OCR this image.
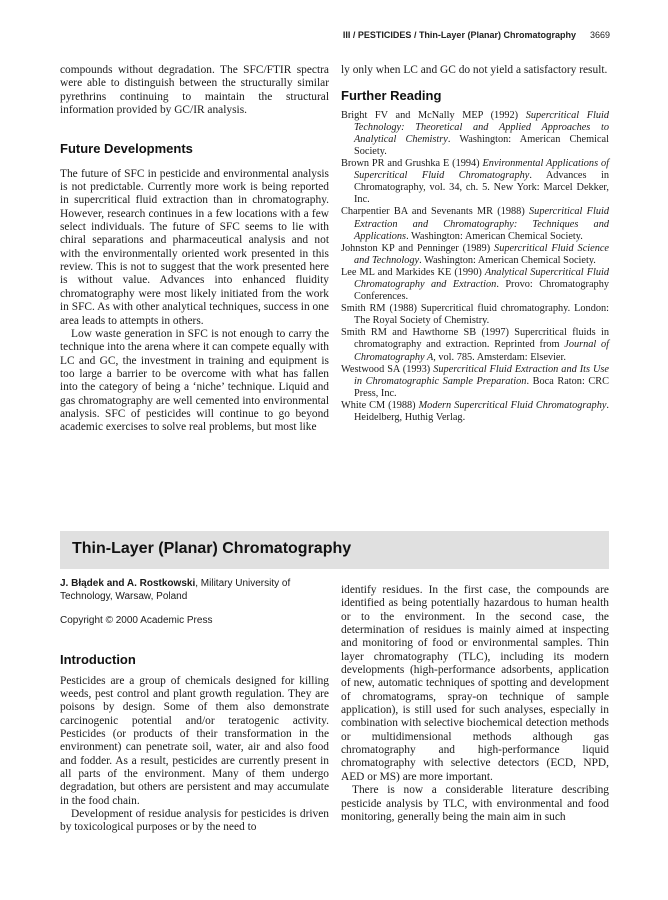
III / PESTICIDES / Thin-Layer (Planar) Chromatography 3669

compounds without degradation. The SFC/FTIR spectra were able to distinguish between the structurally similar pyrethrins continuing to maintain the structural information provided by GC/IR analysis.

Future Developments

The future of SFC in pesticide and environmental analysis is not predictable. Currently more work is being reported in supercritical fluid extraction than in chromatography. However, research continues in a few locations with a few select individuals. The future of SFC seems to lie with chiral separations and pharmaceutical analysis and not with the environmentally oriented work presented in this review. This is not to suggest that the work presented here is without value. Advances into enhanced fluidity chromatography were most likely initiated from the work in SFC. As with other analytical techniques, success in one area leads to attempts in others.

Low waste generation in SFC is not enough to carry the technique into the arena where it can compete equally with LC and GC, the investment in training and equipment is too large a barrier to be overcome with what has fallen into the category of being a ‘niche’ technique. Liquid and gas chromatography are well cemented into environmental analysis. SFC of pesticides will continue to go beyond academic exercises to solve real problems, but most like

ly only when LC and GC do not yield a satisfactory result.

Further Reading

Bright FV and McNally MEP (1992) Supercritical Fluid Technology: Theoretical and Applied Approaches to Analytical Chemistry. Washington: American Chemical Society.

Brown PR and Grushka E (1994) Environmental Applications of Supercritical Fluid Chromatography. Advances in Chromatography, vol. 34, ch. 5. New York: Marcel Dekker, Inc.

Charpentier BA and Sevenants MR (1988) Supercritical Fluid Extraction and Chromatography: Techniques and Applications. Washington: American Chemical Society.

Johnston KP and Penninger (1989) Supercritical Fluid Science and Technology. Washington: American Chemical Society.

Lee ML and Markides KE (1990) Analytical Supercritical Fluid Chromatography and Extraction. Provo: Chromatography Conferences.

Smith RM (1988) Supercritical fluid chromatography. London: The Royal Society of Chemistry.

Smith RM and Hawthorne SB (1997) Supercritical fluids in chromatography and extraction. Reprinted from Journal of Chromatography A, vol. 785. Amsterdam: Elsevier.

Westwood SA (1993) Supercritical Fluid Extraction and Its Use in Chromatographic Sample Preparation. Boca Raton: CRC Press, Inc.

White CM (1988) Modern Supercritical Fluid Chromatography. Heidelberg, Huthig Verlag.

Thin-Layer (Planar) Chromatography
J. Błądek and A. Rostkowski, Military University of Technology, Warsaw, Poland
Copyright © 2000 Academic Press
Introduction

Pesticides are a group of chemicals designed for killing weeds, pest control and plant growth regulation. They are poisons by design. Some of them also demonstrate carcinogenic potential and/or teratogenic activity. Pesticides (or products of their transformation in the environment) can penetrate soil, water, air and also food and fodder. As a result, pesticides are currently present in all parts of the environment. Many of them undergo degradation, but others are persistent and may accumulate in the food chain.

Development of residue analysis for pesticides is driven by toxicological purposes or by the need to

identify residues. In the first case, the compounds are identified as being potentially hazardous to human health or to the environment. In the second case, the determination of residues is mainly aimed at inspecting and monitoring of food or environmental samples. Thin layer chromatography (TLC), including its modern developments (high-performance adsorbents, application of new, automatic techniques of spotting and development of chromatograms, spray-on technique of sample application), is still used for such analyses, especially in combination with selective biochemical detection methods or multidimensional methods although gas chromatography and high-performance liquid chromatography with selective detectors (ECD, NPD, AED or MS) are more important.

There is now a considerable literature describing pesticide analysis by TLC, with environmental and food monitoring, generally being the main aim in such
